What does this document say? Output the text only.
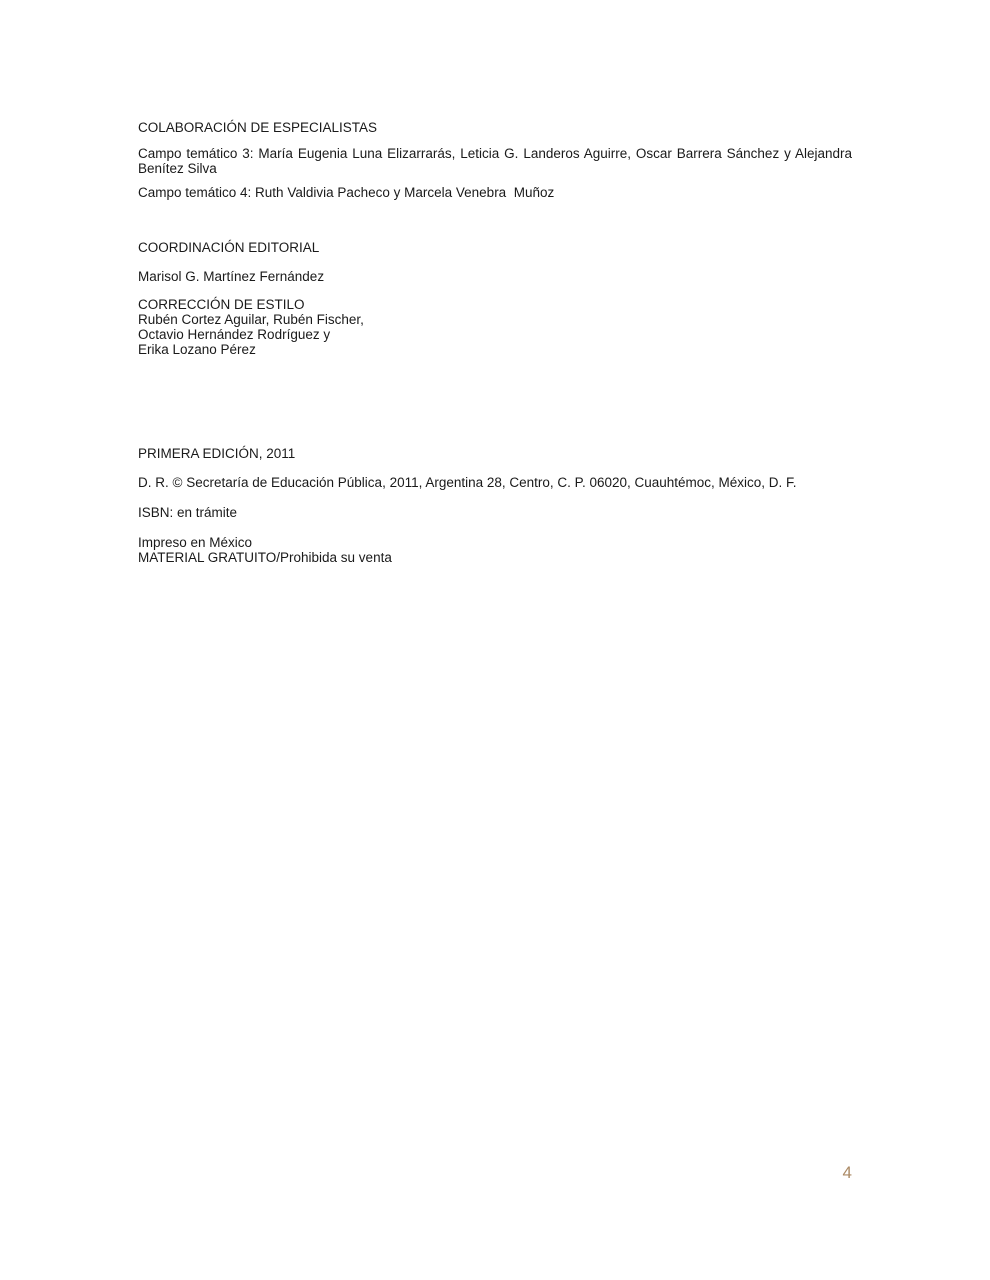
COLABORACIÓN DE ESPECIALISTAS
Campo temático 3: María Eugenia Luna Elizarrarás, Leticia G. Landeros Aguirre, Oscar Barrera Sánchez y Alejandra
Benítez Silva
Campo temático 4: Ruth Valdivia Pacheco y Marcela Venebra  Muñoz
COORDINACIÓN EDITORIAL
Marisol G. Martínez Fernández
CORRECCIÓN DE ESTILO
Rubén Cortez Aguilar, Rubén Fischer,
Octavio Hernández Rodríguez y
Erika Lozano Pérez
PRIMERA EDICIÓN, 2011
D. R. © Secretaría de Educación Pública, 2011, Argentina 28, Centro, C. P. 06020, Cuauhtémoc, México, D. F.
ISBN: en trámite
Impreso en México
MATERIAL GRATUITO/Prohibida su venta
4
